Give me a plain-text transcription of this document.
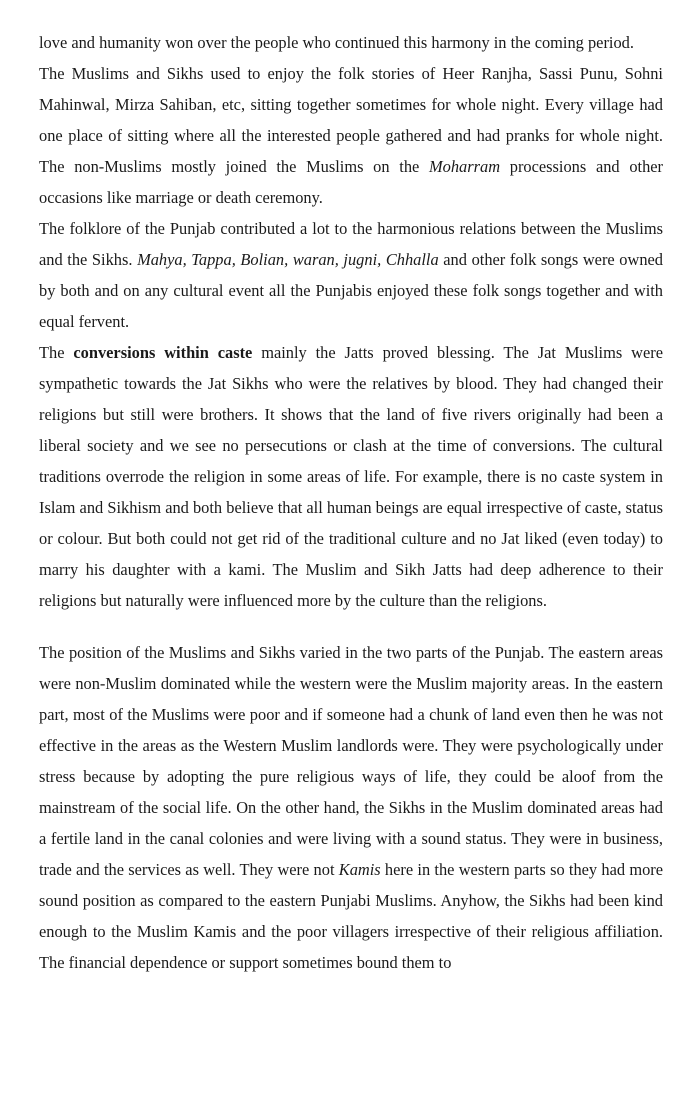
love and humanity won over the people who continued this harmony in the coming period.

The Muslims and Sikhs used to enjoy the folk stories of Heer Ranjha, Sassi Punu, Sohni Mahinwal, Mirza Sahiban, etc, sitting together sometimes for whole night. Every village had one place of sitting where all the interested people gathered and had pranks for whole night. The non-Muslims mostly joined the Muslims on the Moharram processions and other occasions like marriage or death ceremony.

The folklore of the Punjab contributed a lot to the harmonious relations between the Muslims and the Sikhs. Mahya, Tappa, Bolian, waran, jugni, Chhalla and other folk songs were owned by both and on any cultural event all the Punjabis enjoyed these folk songs together and with equal fervent.

The conversions within caste mainly the Jatts proved blessing. The Jat Muslims were sympathetic towards the Jat Sikhs who were the relatives by blood. They had changed their religions but still were brothers. It shows that the land of five rivers originally had been a liberal society and we see no persecutions or clash at the time of conversions. The cultural traditions overrode the religion in some areas of life. For example, there is no caste system in Islam and Sikhism and both believe that all human beings are equal irrespective of caste, status or colour. But both could not get rid of the traditional culture and no Jat liked (even today) to marry his daughter with a kami. The Muslim and Sikh Jatts had deep adherence to their religions but naturally were influenced more by the culture than the religions.

The position of the Muslims and Sikhs varied in the two parts of the Punjab. The eastern areas were non-Muslim dominated while the western were the Muslim majority areas. In the eastern part, most of the Muslims were poor and if someone had a chunk of land even then he was not effective in the areas as the Western Muslim landlords were. They were psychologically under stress because by adopting the pure religious ways of life, they could be aloof from the mainstream of the social life. On the other hand, the Sikhs in the Muslim dominated areas had a fertile land in the canal colonies and were living with a sound status. They were in business, trade and the services as well. They were not Kamis here in the western parts so they had more sound position as compared to the eastern Punjabi Muslims. Anyhow, the Sikhs had been kind enough to the Muslim Kamis and the poor villagers irrespective of their religious affiliation. The financial dependence or support sometimes bound them to
